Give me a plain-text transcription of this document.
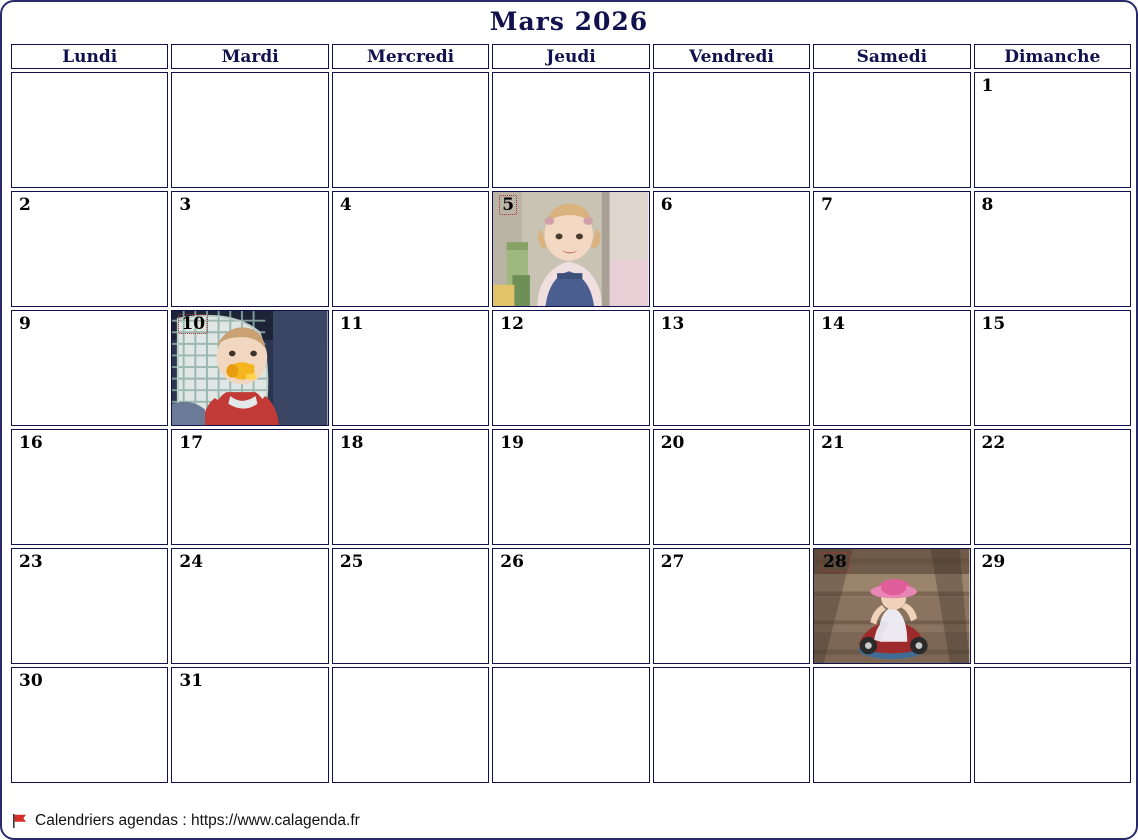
Mars 2026
Lundi	Mardi	Mercredi	Jeudi	Vendredi	Samedi	Dimanche

						1

2	3	4	5	6	7	8

9	10	11	12	13	14	15

16	17	18	19	20	21	22

23	24	25	26	27	28	29

30	31					

Calendriers agendas : https://www.calagenda.fr
